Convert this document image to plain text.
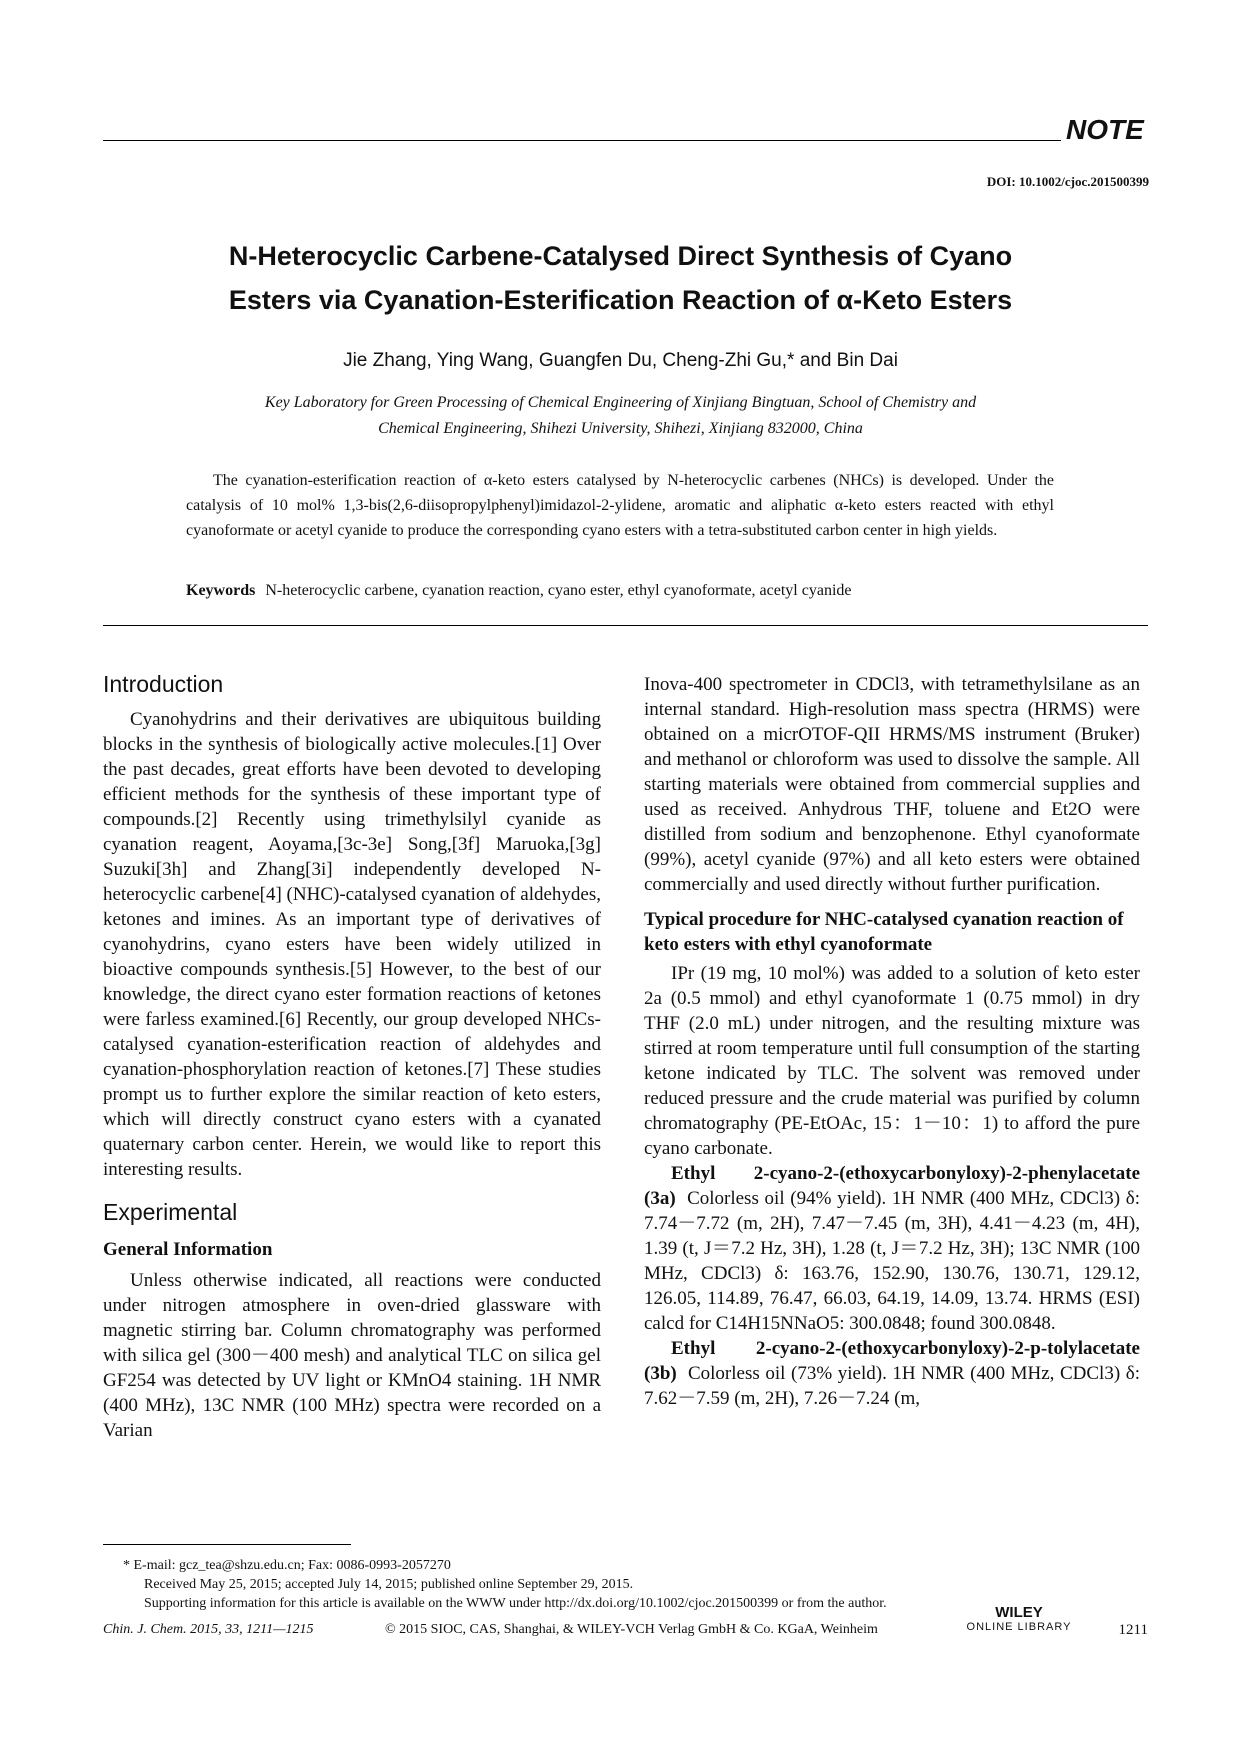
NOTE
DOI: 10.1002/cjoc.201500399
N-Heterocyclic Carbene-Catalysed Direct Synthesis of Cyano
Esters via Cyanation-Esterification Reaction of α-Keto Esters
Jie Zhang, Ying Wang, Guangfen Du, Cheng-Zhi Gu,* and Bin Dai
Key Laboratory for Green Processing of Chemical Engineering of Xinjiang Bingtuan, School of Chemistry and
Chemical Engineering, Shihezi University, Shihezi, Xinjiang 832000, China
The cyanation-esterification reaction of α-keto esters catalysed by N-heterocyclic carbenes (NHCs) is developed. Under the catalysis of 10 mol% 1,3-bis(2,6-diisopropylphenyl)imidazol-2-ylidene, aromatic and aliphatic α-keto esters reacted with ethyl cyanoformate or acetyl cyanide to produce the corresponding cyano esters with a tetra-substituted carbon center in high yields.
Keywords N-heterocyclic carbene, cyanation reaction, cyano ester, ethyl cyanoformate, acetyl cyanide
Introduction

Cyanohydrins and their derivatives are ubiquitous building blocks in the synthesis of biologically active molecules.[1] Over the past decades, great efforts have been devoted to developing efficient methods for the synthesis of these important type of compounds.[2] Recently using trimethylsilyl cyanide as cyanation reagent, Aoyama,[3c-3e] Song,[3f] Maruoka,[3g] Suzuki[3h] and Zhang[3i] independently developed N-heterocyclic carbene[4] (NHC)-catalysed cyanation of aldehydes, ketones and imines. As an important type of derivatives of cyanohydrins, cyano esters have been widely utilized in bioactive compounds synthesis.[5] However, to the best of our knowledge, the direct cyano ester formation reactions of ketones were farless examined.[6] Recently, our group developed NHCs-catalysed cyanation-esterification reaction of aldehydes and cyanation-phosphorylation reaction of ketones.[7] These studies prompt us to further explore the similar reaction of keto esters, which will directly construct cyano esters with a cyanated quaternary carbon center. Herein, we would like to report this interesting results.

Experimental
General Information

Unless otherwise indicated, all reactions were conducted under nitrogen atmosphere in oven-dried glassware with magnetic stirring bar. Column chromatography was performed with silica gel (300－400 mesh) and analytical TLC on silica gel GF254 was detected by UV light or KMnO4 staining. 1H NMR (400 MHz), 13C NMR (100 MHz) spectra were recorded on a Varian

Inova-400 spectrometer in CDCl3, with tetramethylsilane as an internal standard. High-resolution mass spectra (HRMS) were obtained on a micrOTOF-QII HRMS/MS instrument (Bruker) and methanol or chloroform was used to dissolve the sample. All starting materials were obtained from commercial supplies and used as received. Anhydrous THF, toluene and Et2O were distilled from sodium and benzophenone. Ethyl cyanoformate (99%), acetyl cyanide (97%) and all keto esters were obtained commercially and used directly without further purification.

Typical procedure for NHC-catalysed cyanation reaction of keto esters with ethyl cyanoformate

IPr (19 mg, 10 mol%) was added to a solution of keto ester 2a (0.5 mmol) and ethyl cyanoformate 1 (0.75 mmol) in dry THF (2.0 mL) under nitrogen, and the resulting mixture was stirred at room temperature until full consumption of the starting ketone indicated by TLC. The solvent was removed under reduced pressure and the crude material was purified by column chromatography (PE-EtOAc, 15：1－10：1) to afford the pure cyano carbonate.

Ethyl 2-cyano-2-(ethoxycarbonyloxy)-2-phenylacetate (3a) Colorless oil (94% yield). 1H NMR (400 MHz, CDCl3) δ: 7.74－7.72 (m, 2H), 7.47－7.45 (m, 3H), 4.41－4.23 (m, 4H), 1.39 (t, J＝7.2 Hz, 3H), 1.28 (t, J＝7.2 Hz, 3H); 13C NMR (100 MHz, CDCl3) δ: 163.76, 152.90, 130.76, 130.71, 129.12, 126.05, 114.89, 76.47, 66.03, 64.19, 14.09, 13.74. HRMS (ESI) calcd for C14H15NNaO5: 300.0848; found 300.0848.

Ethyl 2-cyano-2-(ethoxycarbonyloxy)-2-p-tolylacetate (3b) Colorless oil (73% yield). 1H NMR (400 MHz, CDCl3) δ: 7.62－7.59 (m, 2H), 7.26－7.24 (m,

* E-mail: gcz_tea@shzu.edu.cn; Fax: 0086-0993-2057270
Received May 25, 2015; accepted July 14, 2015; published online September 29, 2015.
Supporting information for this article is available on the WWW under http://dx.doi.org/10.1002/cjoc.201500399 or from the author.
Chin. J. Chem. 2015, 33, 1211—1215	© 2015 SIOC, CAS, Shanghai, & WILEY-VCH Verlag GmbH & Co. KGaA, Weinheim
WILEY
ONLINE LIBRARY	1211
